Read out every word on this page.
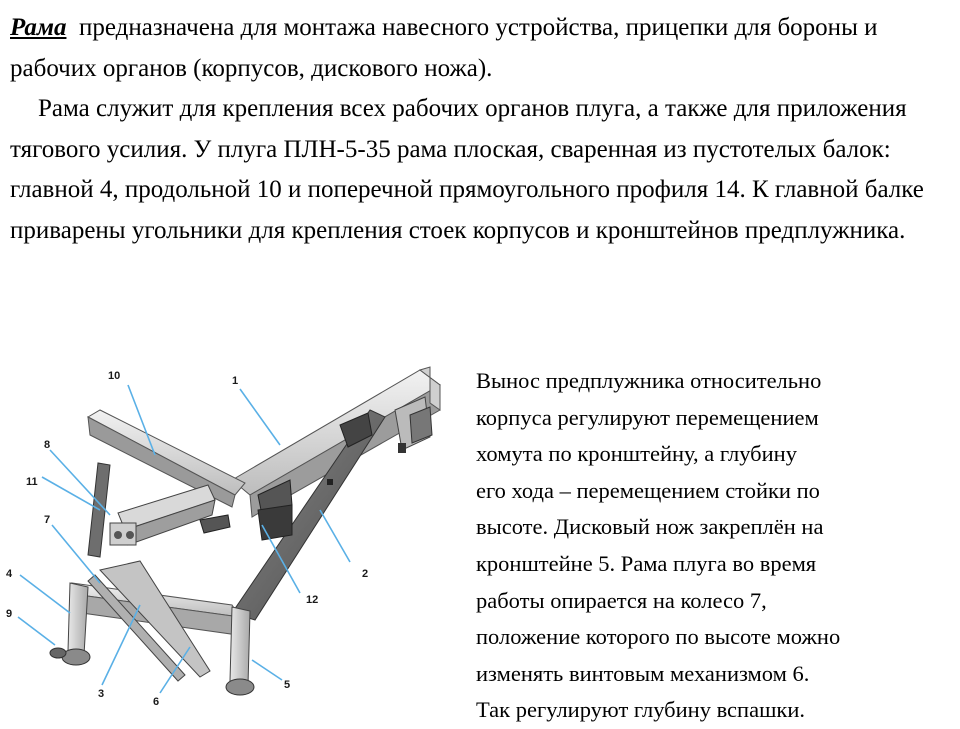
Рама предназначена для монтажа навесного устройства, прицепки для бороны и рабочих органов (корпусов, дискового ножа).

Рама служит для крепления всех рабочих органов плуга, а также для приложения тягового усилия. У плуга ПЛН-5-35 рама плоская, сваренная из пустотелых балок: главной 4, продольной 10 и поперечной прямоугольного профиля 14. К главной балке приварены угольники для крепления стоек корпусов и кронштейнов предплужника.

10	1
8
11
7
2
12
4
9
3
6
5

Вынос предплужника относительно
корпуса регулируют перемещением
хомута по кронштейну, а глубину
его хода – перемещением стойки по
высоте. Дисковый нож закреплён на
кронштейне 5. Рама плуга во время
работы опирается на колесо 7,
положение которого по высоте можно
изменять винтовым механизмом 6.
Так регулируют глубину вспашки.
